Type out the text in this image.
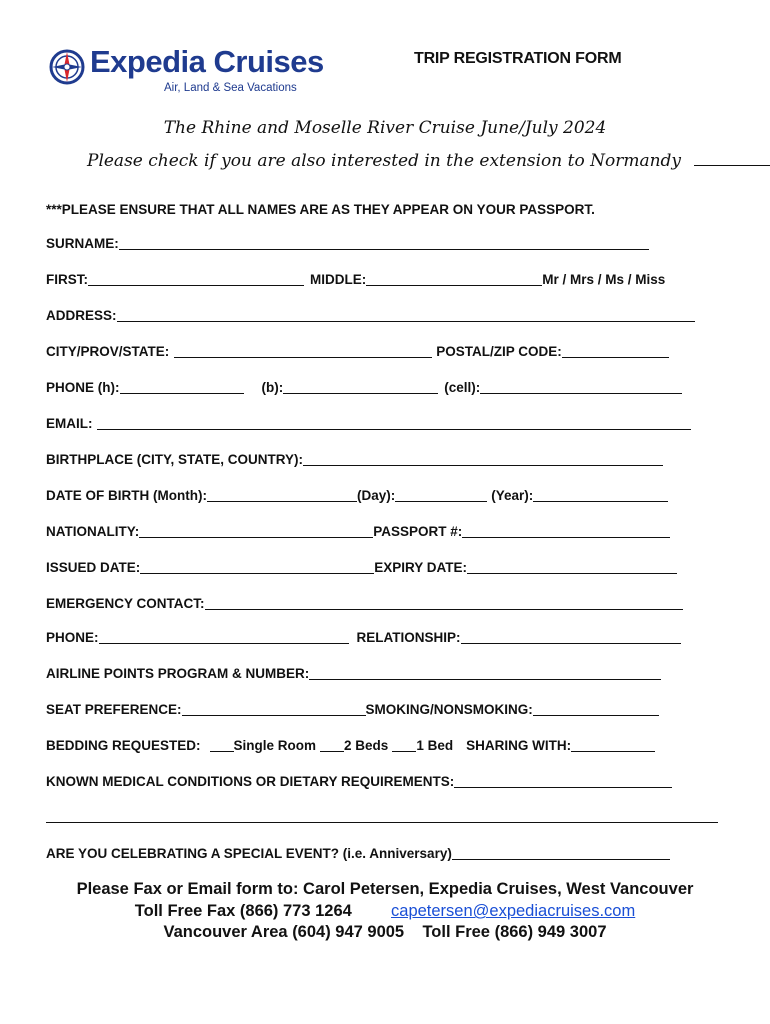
Expedia Cruises
Air, Land & Sea Vacations
TRIP REGISTRATION FORM
The Rhine and Moselle River Cruise June/July 2024
Please check if you are also interested in the extension to Normandy
***PLEASE ENSURE THAT ALL NAMES ARE AS THEY APPEAR ON YOUR PASSPORT.
SURNAME:
FIRST:	MIDDLE:	Mr / Mrs / Ms / Miss
ADDRESS:
CITY/PROV/STATE:	POSTAL/ZIP CODE:
PHONE (h):	(b):	(cell):
EMAIL:
BIRTHPLACE (CITY, STATE, COUNTRY):
DATE OF BIRTH (Month):	(Day):	(Year):
NATIONALITY:	PASSPORT #:
ISSUED DATE:	EXPIRY DATE:
EMERGENCY CONTACT:
PHONE:	RELATIONSHIP:
AIRLINE POINTS PROGRAM & NUMBER:
SEAT PREFERENCE:	SMOKING/NONSMOKING:
BEDDING REQUESTED: Single Room 2 Beds 1 Bed SHARING WITH:
KNOWN MEDICAL CONDITIONS OR DIETARY REQUIREMENTS:
ARE YOU CELEBRATING A SPECIAL EVENT? (i.e. Anniversary)
Please Fax or Email form to: Carol Petersen, Expedia Cruises, West Vancouver
Toll Free Fax (866) 773 1264 capetersen@expediacruises.com
Vancouver Area (604) 947 9005    Toll Free (866) 949 3007
